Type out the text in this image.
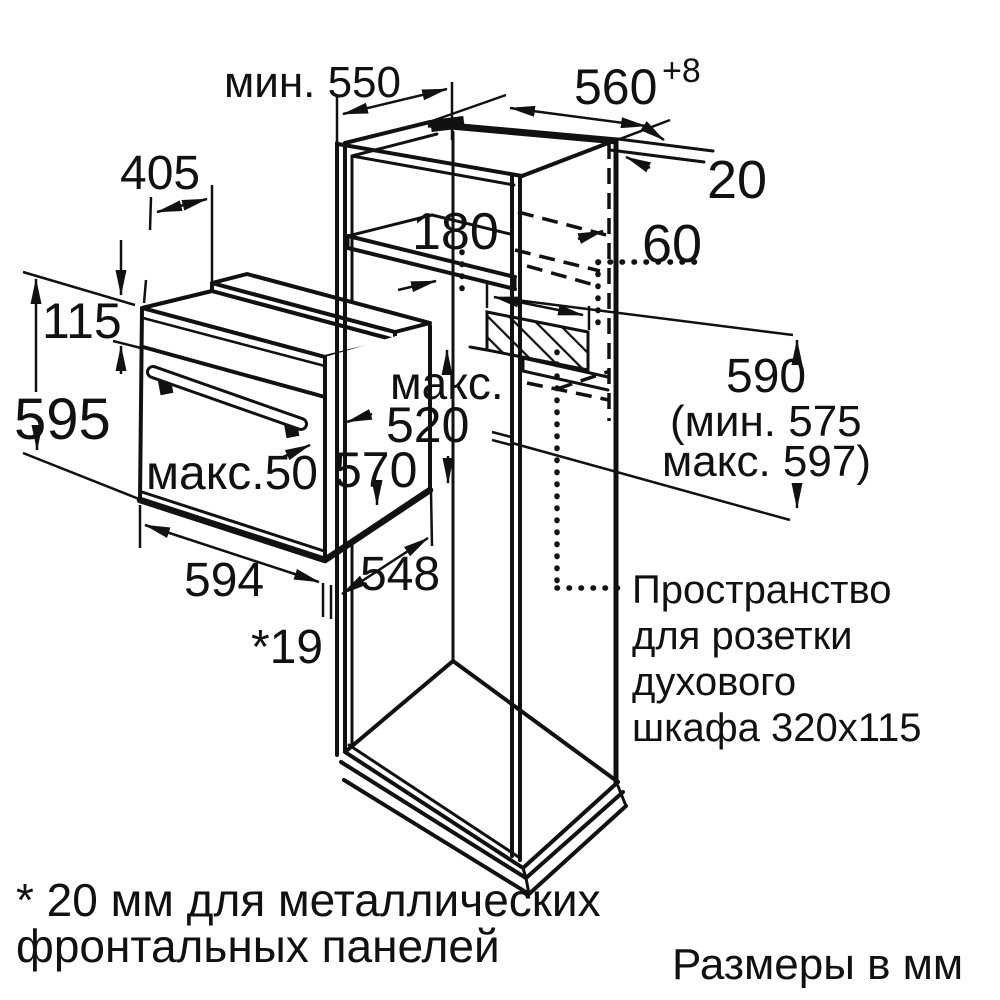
мин. 550	560 +8
20
60
180
405
115
595
макс.
520
570
макс.50
594 548
*19
590
(мин. 575
макс. 597)
Пространство
для розетки
духового
шкафа 320x115
* 20 мм для металлических
фронтальных панелей	Размеры в мм
